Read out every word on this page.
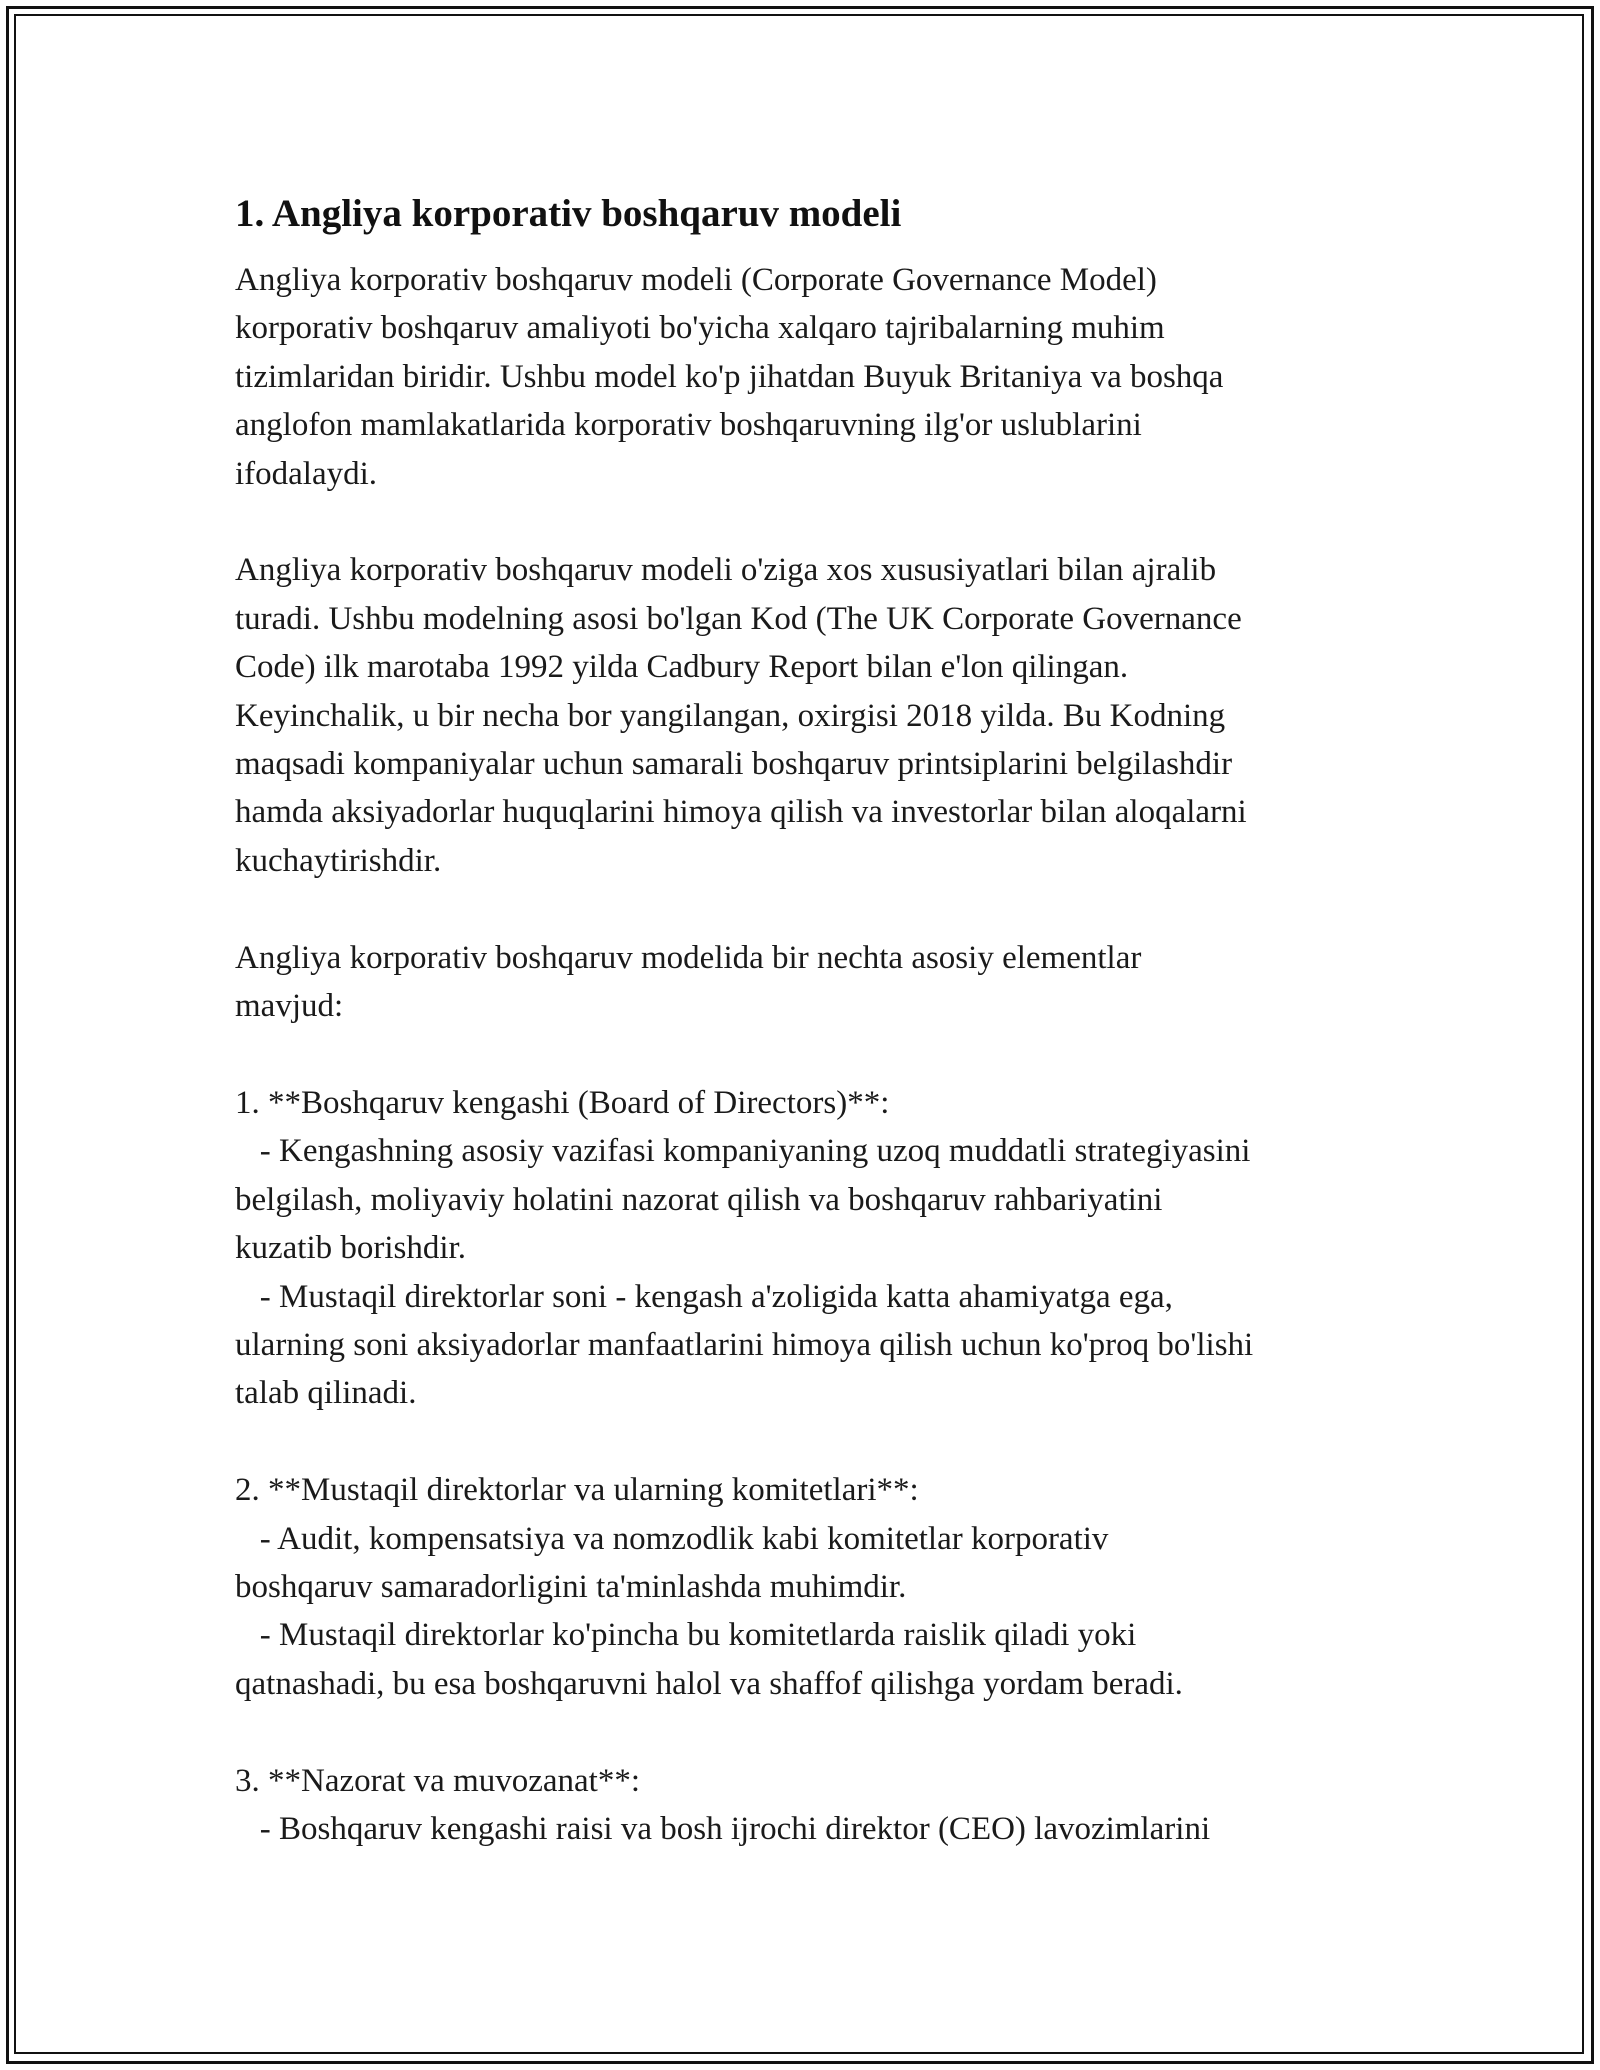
1. Angliya korporativ boshqaruv modeli

Angliya korporativ boshqaruv modeli (Corporate Governance Model)
korporativ boshqaruv amaliyoti bo'yicha xalqaro tajribalarning muhim
tizimlaridan biridir. Ushbu model ko'p jihatdan Buyuk Britaniya va boshqa
anglofon mamlakatlarida korporativ boshqaruvning ilg'or uslublarini
ifodalaydi.

Angliya korporativ boshqaruv modeli o'ziga xos xususiyatlari bilan ajralib
turadi. Ushbu modelning asosi bo'lgan Kod (The UK Corporate Governance
Code) ilk marotaba 1992 yilda Cadbury Report bilan e'lon qilingan.
Keyinchalik, u bir necha bor yangilangan, oxirgisi 2018 yilda. Bu Kodning
maqsadi kompaniyalar uchun samarali boshqaruv printsiplarini belgilashdir
hamda aksiyadorlar huquqlarini himoya qilish va investorlar bilan aloqalarni
kuchaytirishdir.

Angliya korporativ boshqaruv modelida bir nechta asosiy elementlar
mavjud:

1. **Boshqaruv kengashi (Board of Directors)**:
- Kengashning asosiy vazifasi kompaniyaning uzoq muddatli strategiyasini
belgilash, moliyaviy holatini nazorat qilish va boshqaruv rahbariyatini
kuzatib borishdir.
- Mustaqil direktorlar soni - kengash a'zoligida katta ahamiyatga ega,
ularning soni aksiyadorlar manfaatlarini himoya qilish uchun ko'proq bo'lishi
talab qilinadi.

2. **Mustaqil direktorlar va ularning komitetlari**:
- Audit, kompensatsiya va nomzodlik kabi komitetlar korporativ
boshqaruv samaradorligini ta'minlashda muhimdir.
- Mustaqil direktorlar ko'pincha bu komitetlarda raislik qiladi yoki
qatnashadi, bu esa boshqaruvni halol va shaffof qilishga yordam beradi.

3. **Nazorat va muvozanat**:
- Boshqaruv kengashi raisi va bosh ijrochi direktor (CEO) lavozimlarini
